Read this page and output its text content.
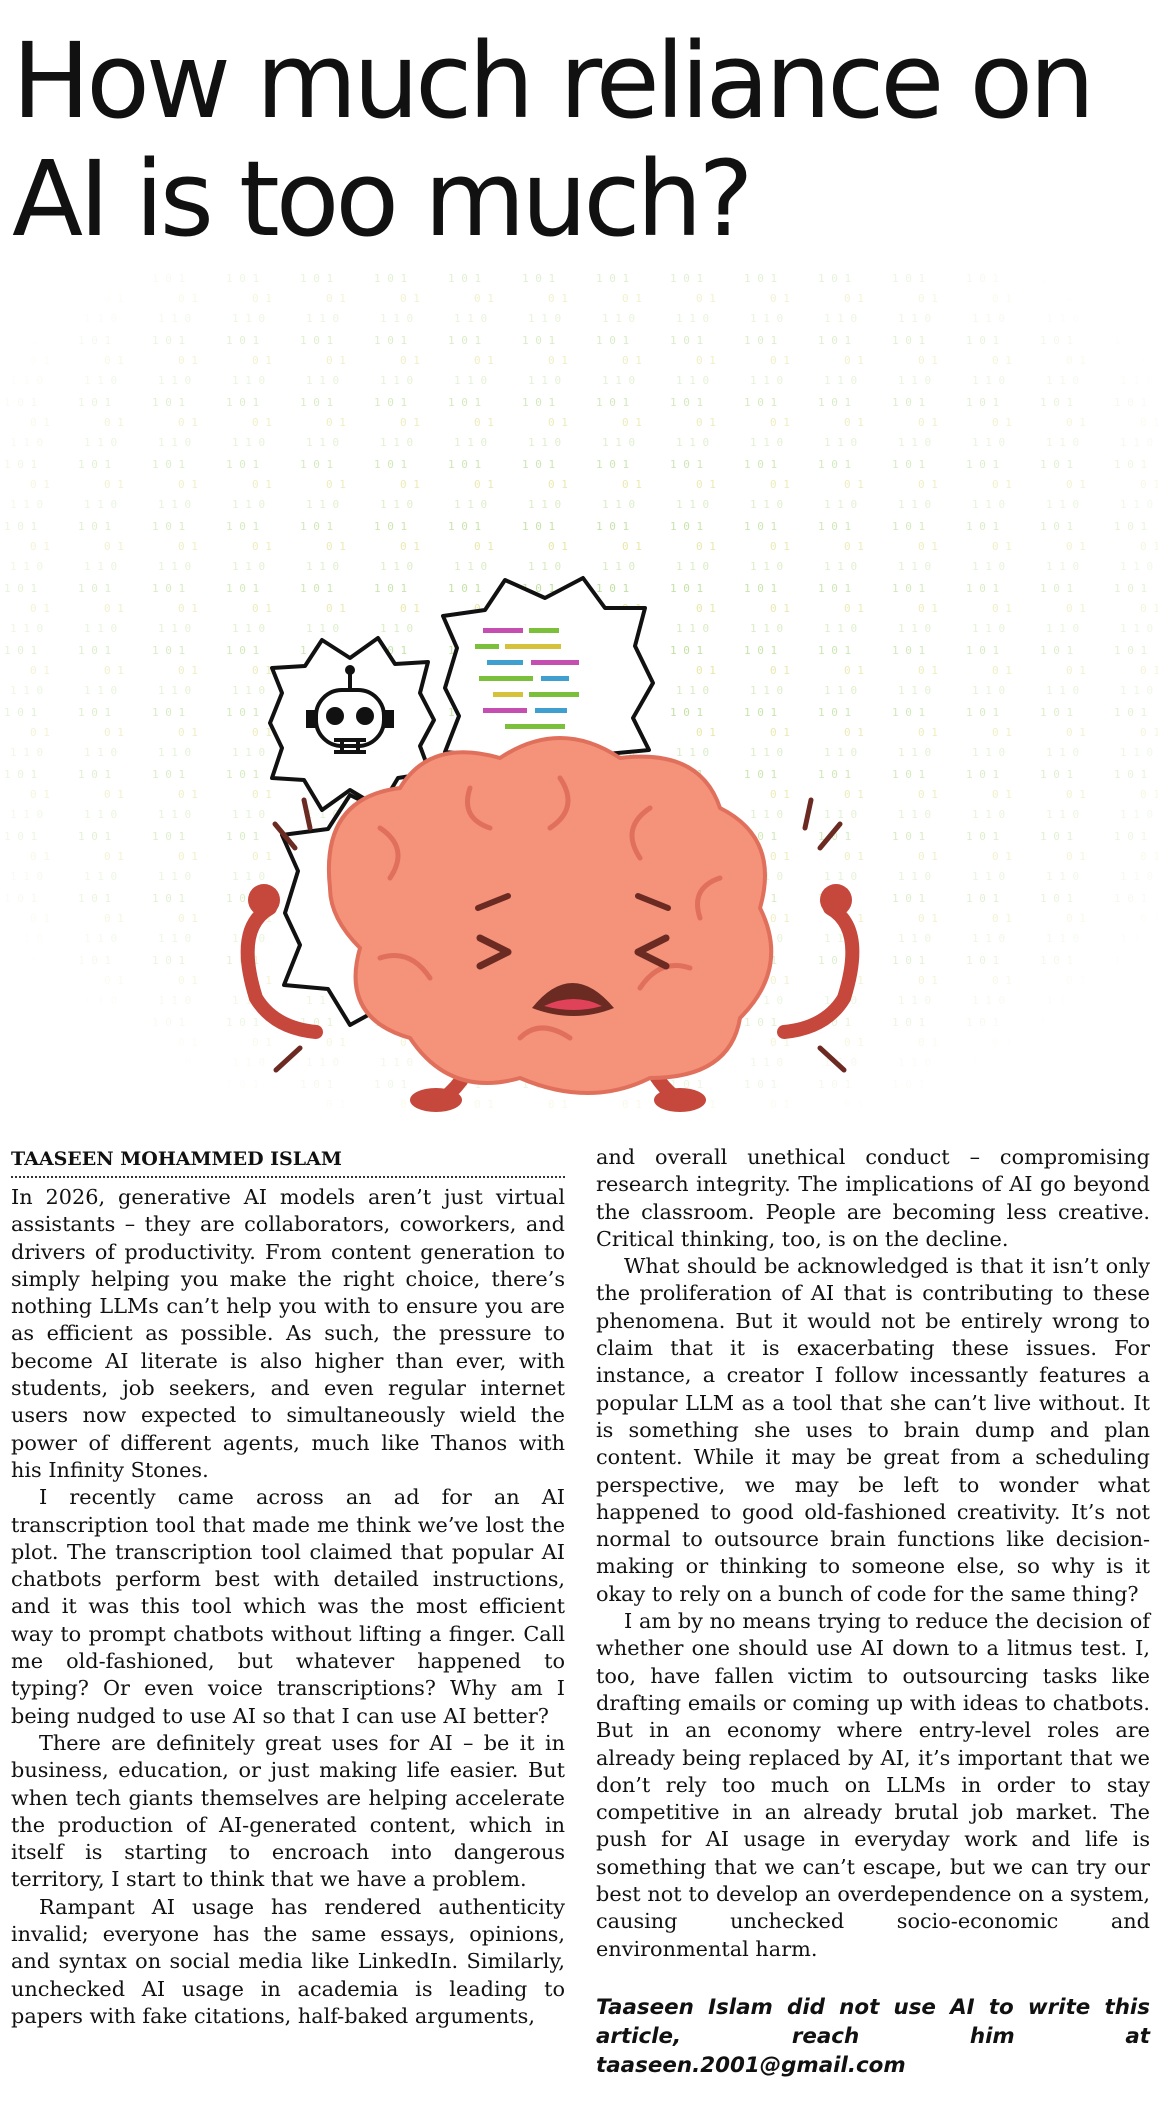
How much reliance on AI is too much?
TAASEEN MOHAMMED ISLAM

In 2026, generative AI models aren’t just virtual assistants – they are collaborators, coworkers, and drivers of productivity. From content generation to simply helping you make the right choice, there’s nothing LLMs can’t help you with to ensure you are as efficient as possible. As such, the pressure to become AI literate is also higher than ever, with students, job seekers, and even regular internet users now expected to simultaneously wield the power of different agents, much like Thanos with his Infinity Stones.

I recently came across an ad for an AI transcription tool that made me think we’ve lost the plot. The transcription tool claimed that popular AI chatbots perform best with detailed instructions, and it was this tool which was the most efficient way to prompt chatbots without lifting a finger. Call me old-fashioned, but whatever happened to typing? Or even voice transcriptions? Why am I being nudged to use AI so that I can use AI better?

There are definitely great uses for AI – be it in business, education, or just making life easier. But when tech giants themselves are helping accelerate the production of AI-generated content, which in itself is starting to encroach into dangerous territory, I start to think that we have a problem.

Rampant AI usage has rendered authenticity invalid; everyone has the same essays, opinions, and syntax on social media like LinkedIn. Similarly, unchecked AI usage in academia is leading to papers with fake citations, half-baked arguments,

and overall unethical conduct – compromising research integrity. The implications of AI go beyond the classroom. People are becoming less creative. Critical thinking, too, is on the decline.

What should be acknowledged is that it isn’t only the proliferation of AI that is contributing to these phenomena. But it would not be entirely wrong to claim that it is exacerbating these issues. For instance, a creator I follow incessantly features a popular LLM as a tool that she can’t live without. It is something she uses to brain dump and plan content. While it may be great from a scheduling perspective, we may be left to wonder what happened to good old-fashioned creativity. It’s not normal to outsource brain functions like decision-making or thinking to someone else, so why is it okay to rely on a bunch of code for the same thing?

I am by no means trying to reduce the decision of whether one should use AI down to a litmus test. I, too, have fallen victim to outsourcing tasks like drafting emails or coming up with ideas to chatbots. But in an economy where entry-level roles are already being replaced by AI, it’s important that we don’t rely too much on LLMs in order to stay competitive in an already brutal job market. The push for AI usage in everyday work and life is something that we can’t escape, but we can try our best not to develop an overdependence on a system, causing unchecked socio-economic and environmental harm.

Taaseen Islam did not use AI to write this article, reach him at taaseen.2001@gmail.com
